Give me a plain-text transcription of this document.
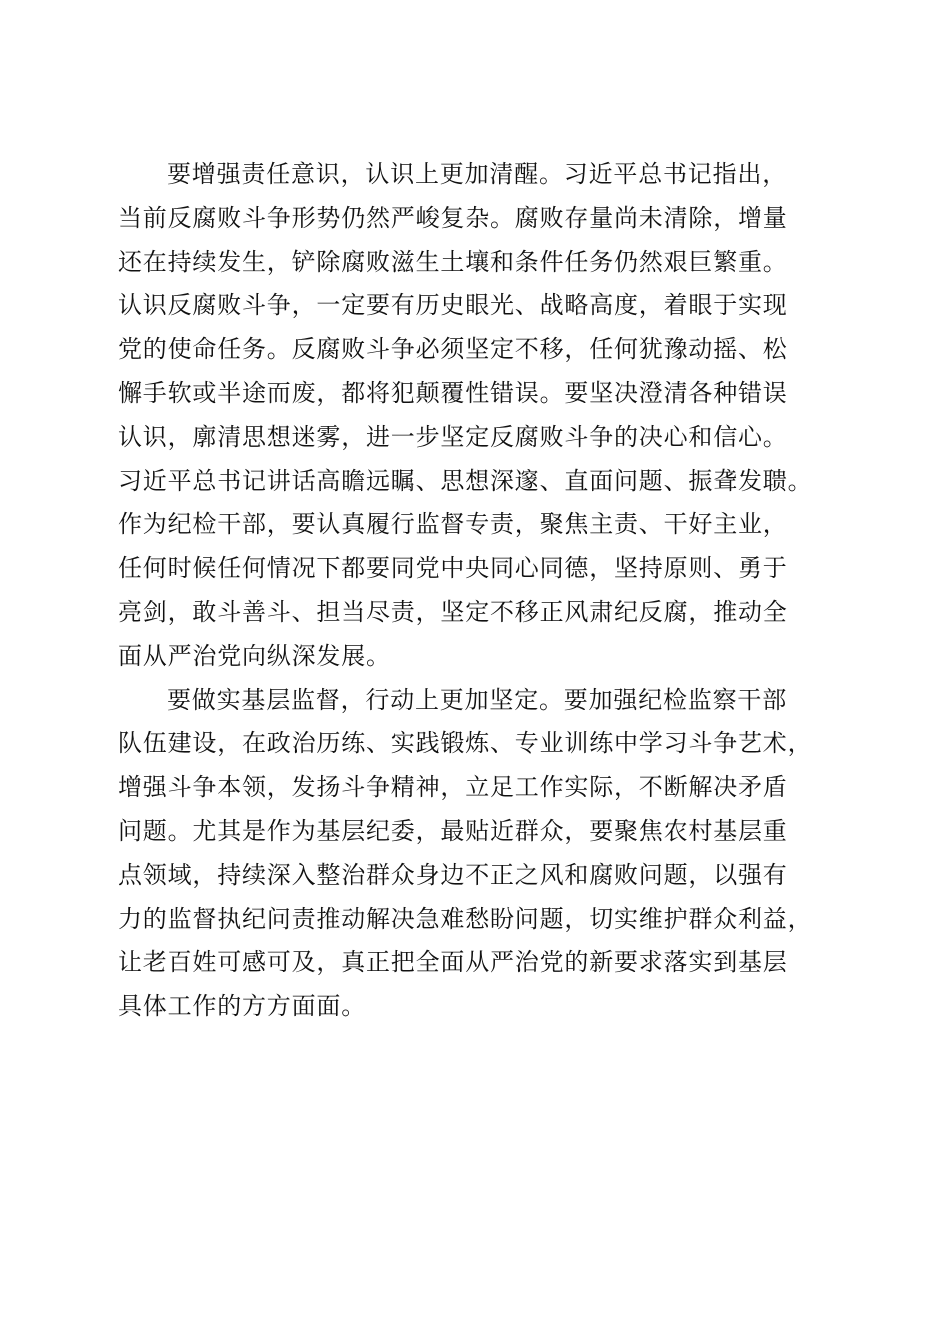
要增强责任意识，认识上更加清醒。习近平总书记指出，
当前反腐败斗争形势仍然严峻复杂。腐败存量尚未清除，增量
还在持续发生，铲除腐败滋生土壤和条件任务仍然艰巨繁重。
认识反腐败斗争，一定要有历史眼光、战略高度，着眼于实现
党的使命任务。反腐败斗争必须坚定不移，任何犹豫动摇、松
懈手软或半途而废，都将犯颠覆性错误。要坚决澄清各种错误
认识，廓清思想迷雾，进一步坚定反腐败斗争的决心和信心。
习近平总书记讲话高瞻远瞩、思想深邃、直面问题、振聋发聩。
作为纪检干部，要认真履行监督专责，聚焦主责、干好主业，
任何时候任何情况下都要同党中央同心同德，坚持原则、勇于
亮剑，敢斗善斗、担当尽责，坚定不移正风肃纪反腐，推动全
面从严治党向纵深发展。
要做实基层监督，行动上更加坚定。要加强纪检监察干部
队伍建设，在政治历练、实践锻炼、专业训练中学习斗争艺术，
增强斗争本领，发扬斗争精神，立足工作实际，不断解决矛盾
问题。尤其是作为基层纪委，最贴近群众，要聚焦农村基层重
点领域，持续深入整治群众身边不正之风和腐败问题，以强有
力的监督执纪问责推动解决急难愁盼问题，切实维护群众利益，
让老百姓可感可及，真正把全面从严治党的新要求落实到基层
具体工作的方方面面。
